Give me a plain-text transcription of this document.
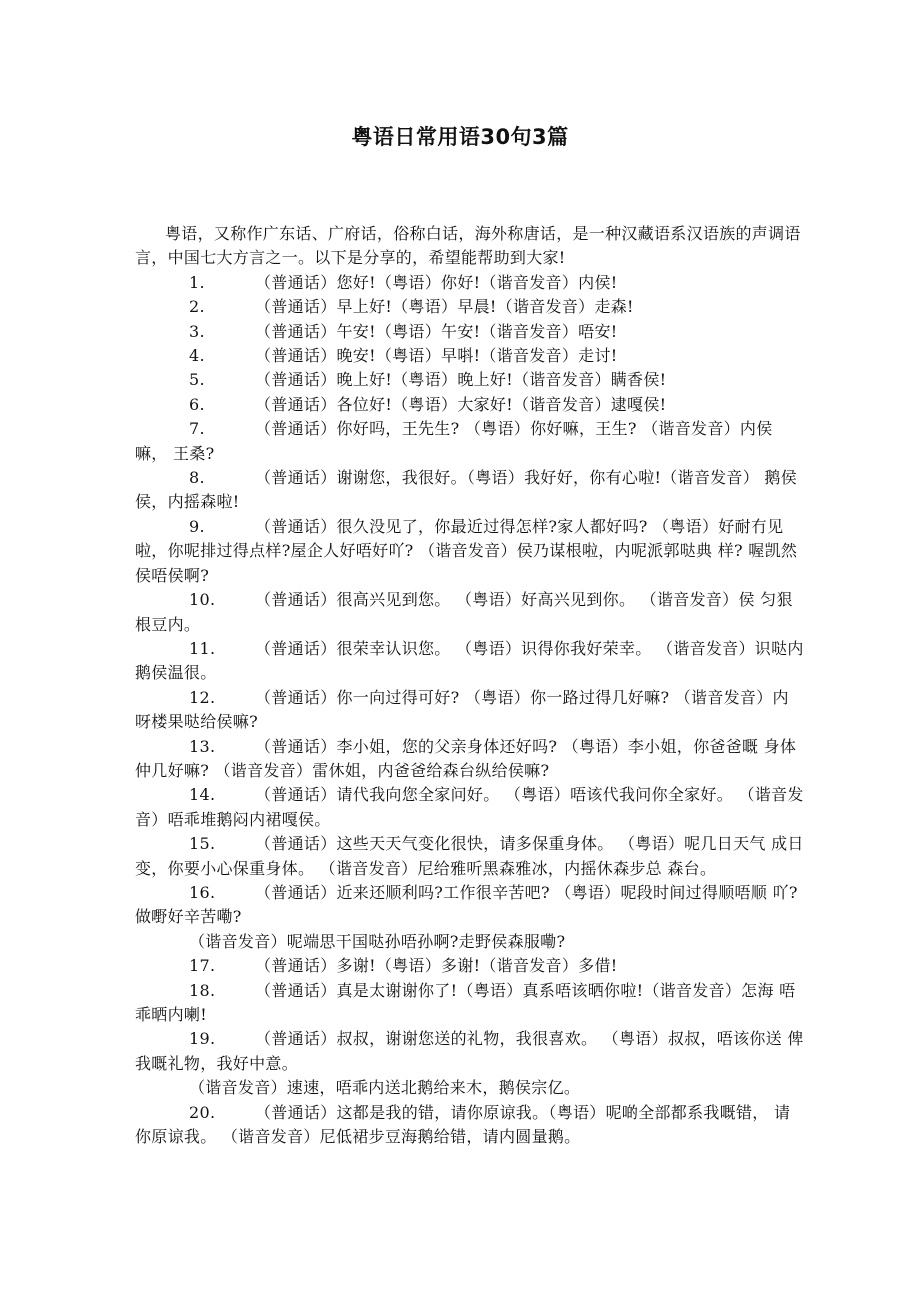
粤语日常用语30句3篇

粤语，又称作广东话、广府话，俗称白话，海外称唐话，是一种汉藏语系汉语族的声调语言，中国七大方言之一。以下是分享的，希望能帮助到大家!

1.	（普通话）您好!（粤语）你好!（谐音发音）内侯!

2.	（普通话）早上好!（粤语）早晨!（谐音发音）走森!

3.	（普通话）午安!（粤语）午安!（谐音发音）唔安!

4.	（普通话）晚安!（粤语）早唞!（谐音发音）走讨!

5.	（普通话）晚上好!（粤语）晚上好!（谐音发音）瞒香侯!

6.	（普通话）各位好!（粤语）大家好!（谐音发音）逮嘎侯!

7.	（普通话）你好吗，王先生? （粤语）你好嘛，王生? （谐音发音）内侯嘛， 王桑?

8.	（普通话）谢谢您，我很好。（粤语）我好好，你有心啦!（谐音发音） 鹅侯侯，内摇森啦!

9.	（普通话）很久没见了，你最近过得怎样?家人都好吗? （粤语）好耐冇见 啦，你呢排过得点样?屋企人好唔好吖? （谐音发音）侯乃谋根啦，内呢派郭哒典 样? 喔凯然侯唔侯啊?

10. （普通话）很高兴见到您。 （粤语）好高兴见到你。 （谐音发音）侯 匀狠根豆内。

11. （普通话）很荣幸认识您。 （粤语）识得你我好荣幸。 （谐音发音）识哒内鹅侯温很。

12. （普通话）你一向过得可好? （粤语）你一路过得几好嘛? （谐音发音）内呀楼果哒给侯嘛?

13. （普通话）李小姐，您的父亲身体还好吗? （粤语）李小姐，你爸爸嘅 身体仲几好嘛? （谐音发音）雷休姐，内爸爸给森台纵给侯嘛?

14. （普通话）请代我向您全家问好。 （粤语）唔该代我问你全家好。 （谐音发音）唔乖堆鹅闷内裙嘎侯。

15. （普通话）这些天天气变化很快，请多保重身体。 （粤语）呢几日天气 成日变，你要小心保重身体。 （谐音发音）尼给雅听黑森雅冰，内摇休森步总 森台。

16. （普通话）近来还顺利吗?工作很辛苦吧? （粤语）呢段时间过得顺唔顺 吖?做嘢好辛苦嘞?

（谐音发音）呢端思干国哒孙唔孙啊?走野侯森服嘞?

17. （普通话）多谢!（粤语）多谢!（谐音发音）多借!

18. （普通话）真是太谢谢你了!（粤语）真系唔该晒你啦!（谐音发音）怎海 唔乖晒内喇!

19. （普通话）叔叔，谢谢您送的礼物，我很喜欢。 （粤语）叔叔，唔该你送 俾我嘅礼物，我好中意。

（谐音发音）速速，唔乖内送北鹅给来木，鹅侯宗亿。

20. （普通话）这都是我的错，请你原谅我。（粤语）呢啲全部都系我嘅错， 请你原谅我。 （谐音发音）尼低裙步豆海鹅给错，请内圆量鹅。
